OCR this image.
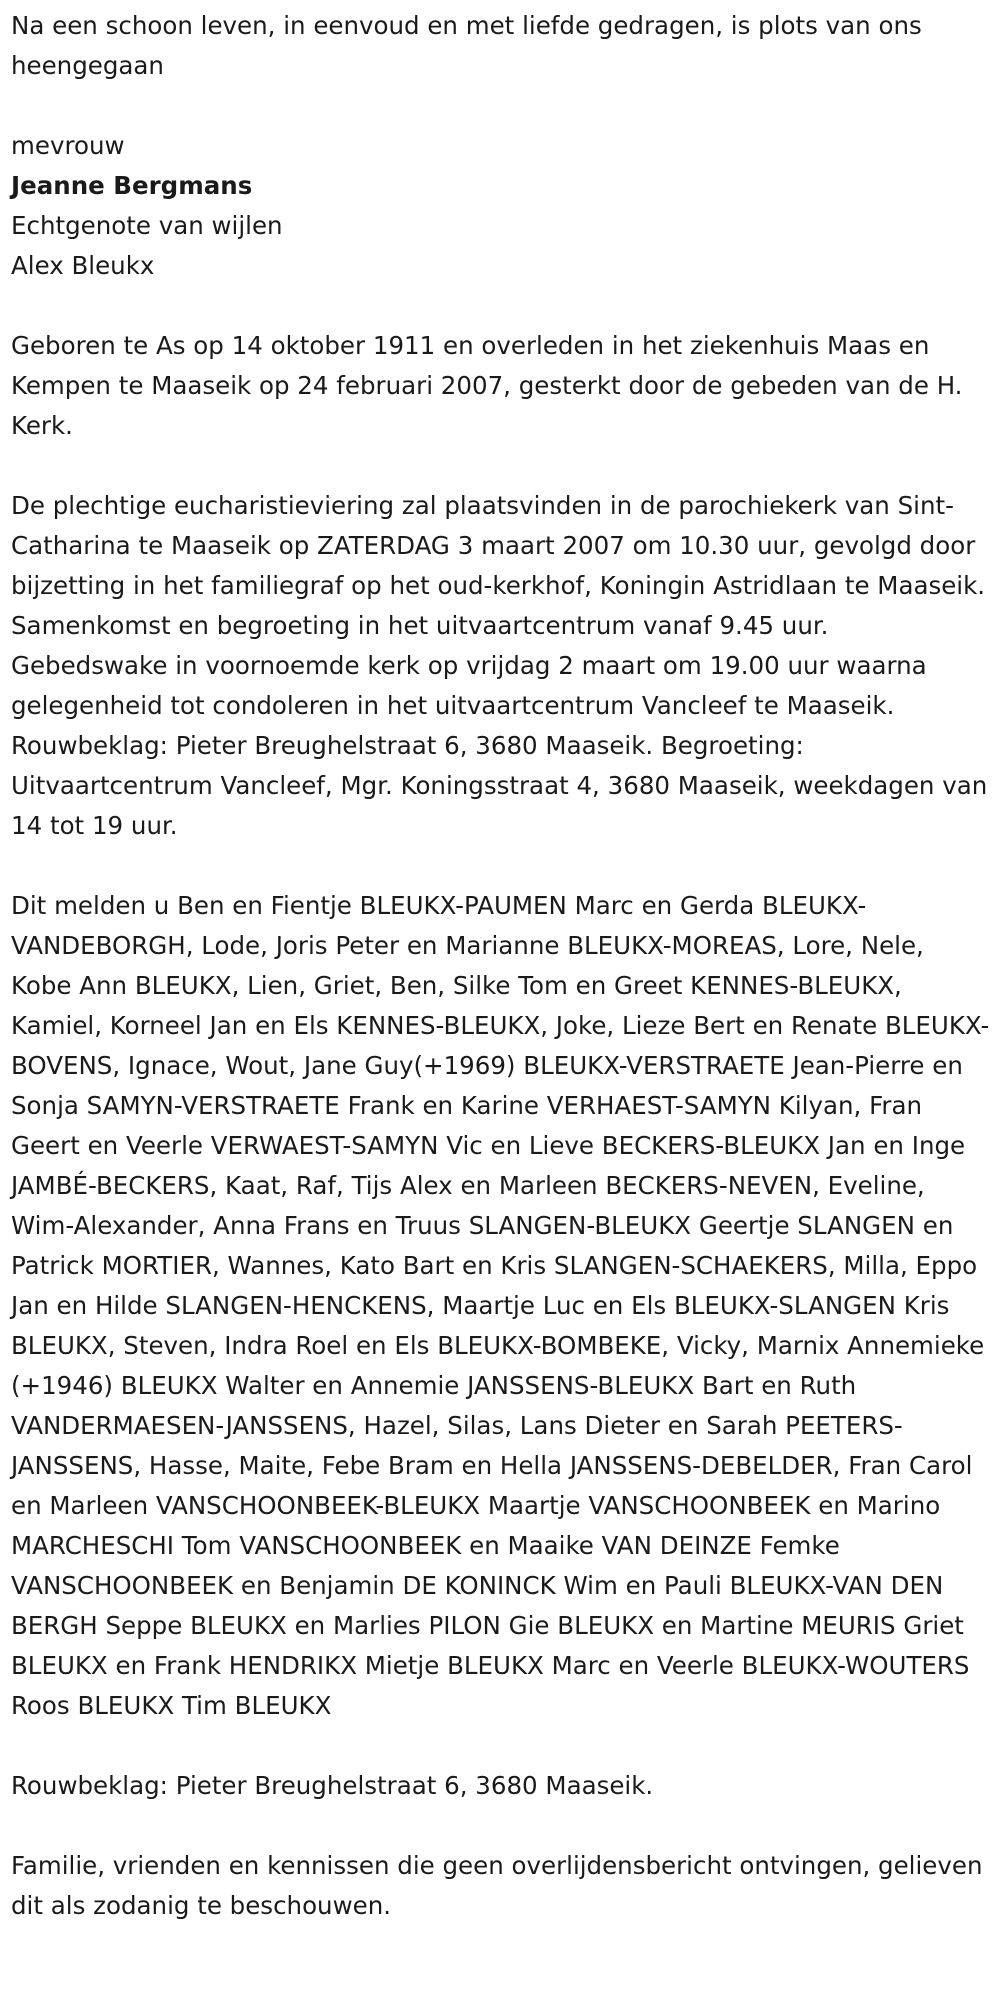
Na een schoon leven, in eenvoud en met liefde gedragen, is plots van ons heengegaan

mevrouw

Jeanne Bergmans

Echtgenote van wijlen

Alex Bleukx

Geboren te As op 14 oktober 1911 en overleden in het ziekenhuis Maas en Kempen te Maaseik op 24 februari 2007, gesterkt door de gebeden van de H. Kerk.

De plechtige eucharistieviering zal plaatsvinden in de parochiekerk van Sint-Catharina te Maaseik op ZATERDAG 3 maart 2007 om 10.30 uur, gevolgd door bijzetting in het familiegraf op het oud-kerkhof, Koningin Astridlaan te Maaseik. Samenkomst en begroeting in het uitvaartcentrum vanaf 9.45 uur. Gebedswake in voornoemde kerk op vrijdag 2 maart om 19.00 uur waarna gelegenheid tot condoleren in het uitvaartcentrum Vancleef te Maaseik. Rouwbeklag: Pieter Breughelstraat 6, 3680 Maaseik. Begroeting: Uitvaartcentrum Vancleef, Mgr. Koningsstraat 4, 3680 Maaseik, weekdagen van 14 tot 19 uur.

Dit melden u Ben en Fientje BLEUKX-PAUMEN Marc en Gerda BLEUKX-VANDEBORGH, Lode, Joris Peter en Marianne BLEUKX-MOREAS, Lore, Nele, Kobe Ann BLEUKX, Lien, Griet, Ben, Silke Tom en Greet KENNES-BLEUKX, Kamiel, Korneel Jan en Els KENNES-BLEUKX, Joke, Lieze Bert en Renate BLEUKX-BOVENS, Ignace, Wout, Jane Guy(+1969) BLEUKX-VERSTRAETE Jean-Pierre en Sonja SAMYN-VERSTRAETE Frank en Karine VERHAEST-SAMYN Kilyan, Fran Geert en Veerle VERWAEST-SAMYN Vic en Lieve BECKERS-BLEUKX Jan en Inge JAMBÉ-BECKERS, Kaat, Raf, Tijs Alex en Marleen BECKERS-NEVEN, Eveline, Wim-Alexander, Anna Frans en Truus SLANGEN-BLEUKX Geertje SLANGEN en Patrick MORTIER, Wannes, Kato Bart en Kris SLANGEN-SCHAEKERS, Milla, Eppo Jan en Hilde SLANGEN-HENCKENS, Maartje Luc en Els BLEUKX-SLANGEN Kris BLEUKX, Steven, Indra Roel en Els BLEUKX-BOMBEKE, Vicky, Marnix Annemieke (+1946) BLEUKX Walter en Annemie JANSSENS-BLEUKX Bart en Ruth VANDERMAESEN-JANSSENS, Hazel, Silas, Lans Dieter en Sarah PEETERS-JANSSENS, Hasse, Maite, Febe Bram en Hella JANSSENS-DEBELDER, Fran Carol en Marleen VANSCHOONBEEK-BLEUKX Maartje VANSCHOONBEEK en Marino MARCHESCHI Tom VANSCHOONBEEK en Maaike VAN DEINZE Femke VANSCHOONBEEK en Benjamin DE KONINCK Wim en Pauli BLEUKX-VAN DEN BERGH Seppe BLEUKX en Marlies PILON Gie BLEUKX en Martine MEURIS Griet BLEUKX en Frank HENDRIKX Mietje BLEUKX Marc en Veerle BLEUKX-WOUTERS Roos BLEUKX Tim BLEUKX

Rouwbeklag: Pieter Breughelstraat 6, 3680 Maaseik.

Familie, vrienden en kennissen die geen overlijdensbericht ontvingen, gelieven dit als zodanig te beschouwen.
